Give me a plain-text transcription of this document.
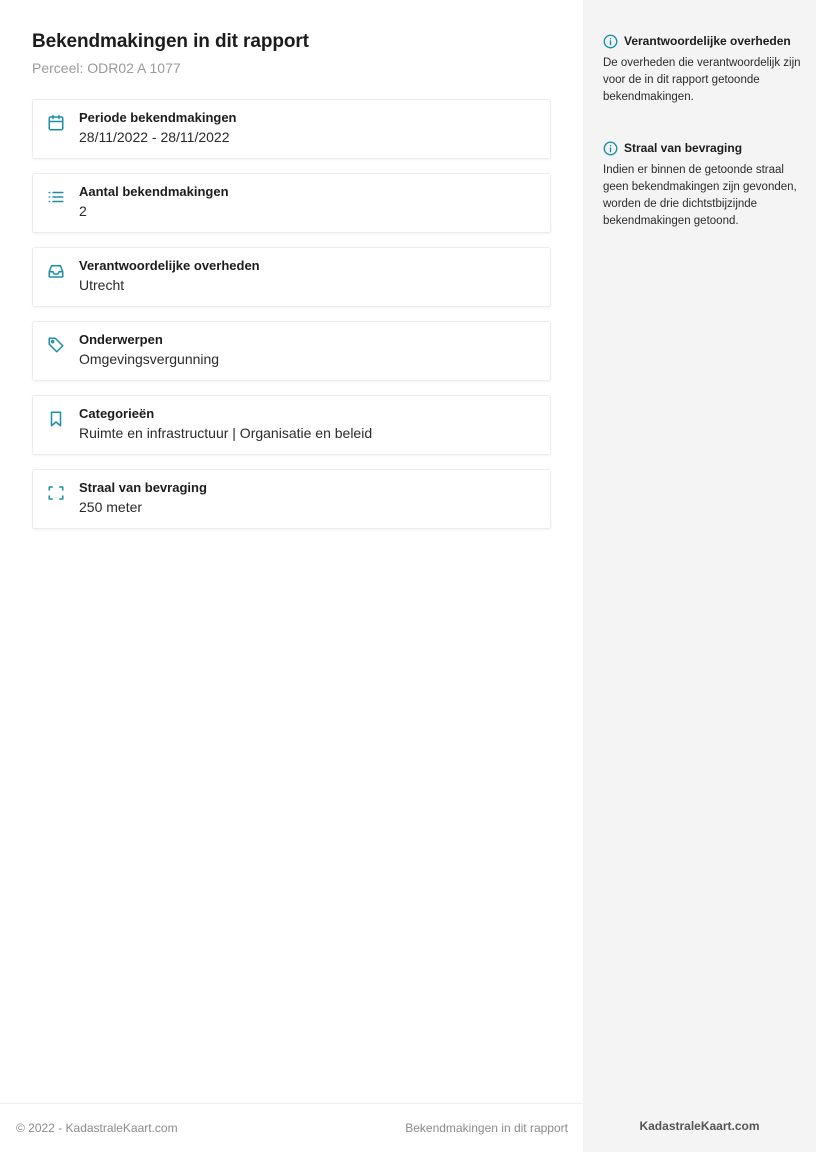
Bekendmakingen in dit rapport
Perceel: ODR02 A 1077
Periode bekendmakingen
28/11/2022 - 28/11/2022
Aantal bekendmakingen
2
Verantwoordelijke overheden
Utrecht
Onderwerpen
Omgevingsvergunning
Categorieën
Ruimte en infrastructuur | Organisatie en beleid
Straal van bevraging
250 meter
Verantwoordelijke overheden

De overheden die verantwoordelijk zijn voor de in dit rapport getoonde bekendmakingen.

Straal van bevraging

Indien er binnen de getoonde straal geen bekendmakingen zijn gevonden, worden de drie dichtstbijzijnde bekendmakingen getoond.

© 2022 - KadastraleKaart.com	Bekendmakingen in dit rapport	KadastraleKaart.com
